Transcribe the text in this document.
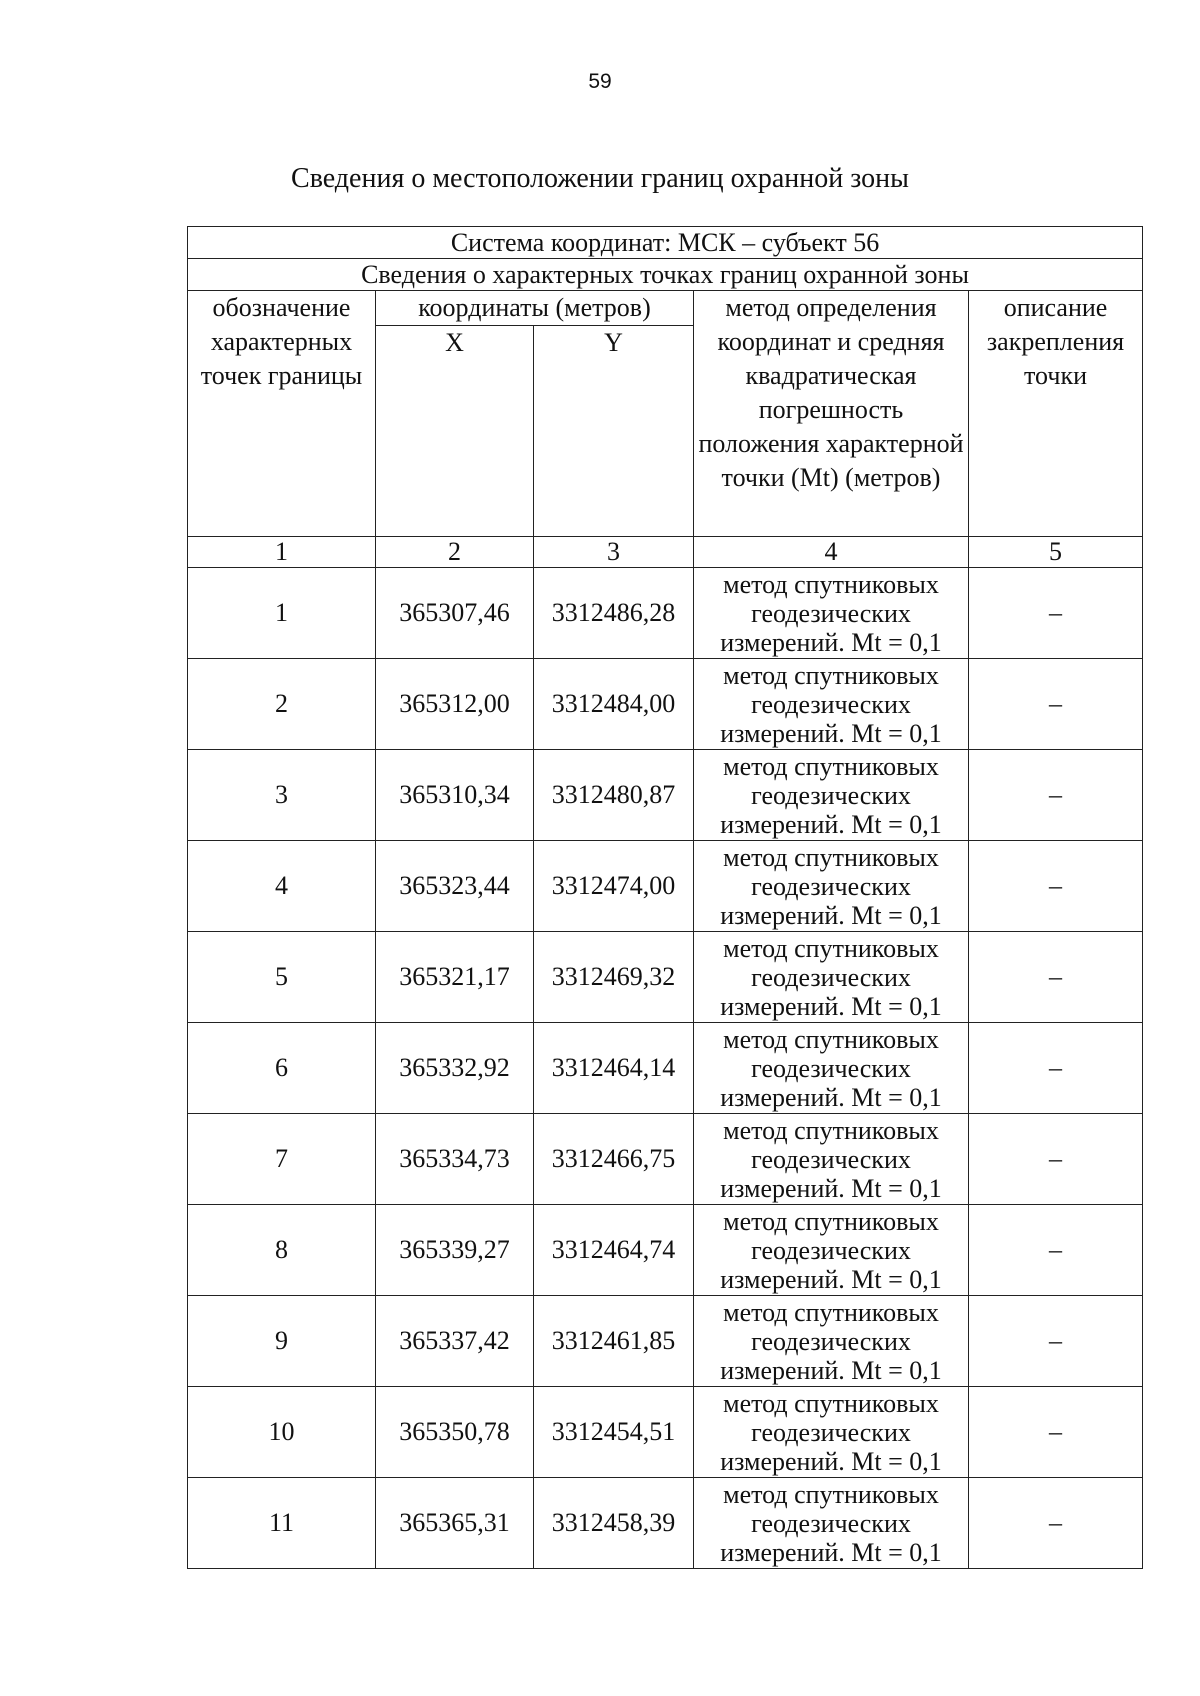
59
Сведения о местоположении границ охранной зоны
Система координат: МСК – субъект 56				
Сведения о характерных точках границ охранной зоны				
обозначение характерных точек границы	координаты (метров)		метод определения координат и средняя квадратическая погрешность положения характерной точки (Mt) (метров)	описание закрепления точки
	X	Y		
1	2	3	4	5
1	365307,46	3312486,28	метод спутниковых
геодезических
измерений. Mt = 0,1	–
2	365312,00	3312484,00	метод спутниковых
геодезических
измерений. Mt = 0,1	–
3	365310,34	3312480,87	метод спутниковых
геодезических
измерений. Mt = 0,1	–
4	365323,44	3312474,00	метод спутниковых
геодезических
измерений. Mt = 0,1	–
5	365321,17	3312469,32	метод спутниковых
геодезических
измерений. Mt = 0,1	–
6	365332,92	3312464,14	метод спутниковых
геодезических
измерений. Mt = 0,1	–
7	365334,73	3312466,75	метод спутниковых
геодезических
измерений. Mt = 0,1	–
8	365339,27	3312464,74	метод спутниковых
геодезических
измерений. Mt = 0,1	–
9	365337,42	3312461,85	метод спутниковых
геодезических
измерений. Mt = 0,1	–
10	365350,78	3312454,51	метод спутниковых
геодезических
измерений. Mt = 0,1	–
11	365365,31	3312458,39	метод спутниковых
геодезических
измерений. Mt = 0,1	–
